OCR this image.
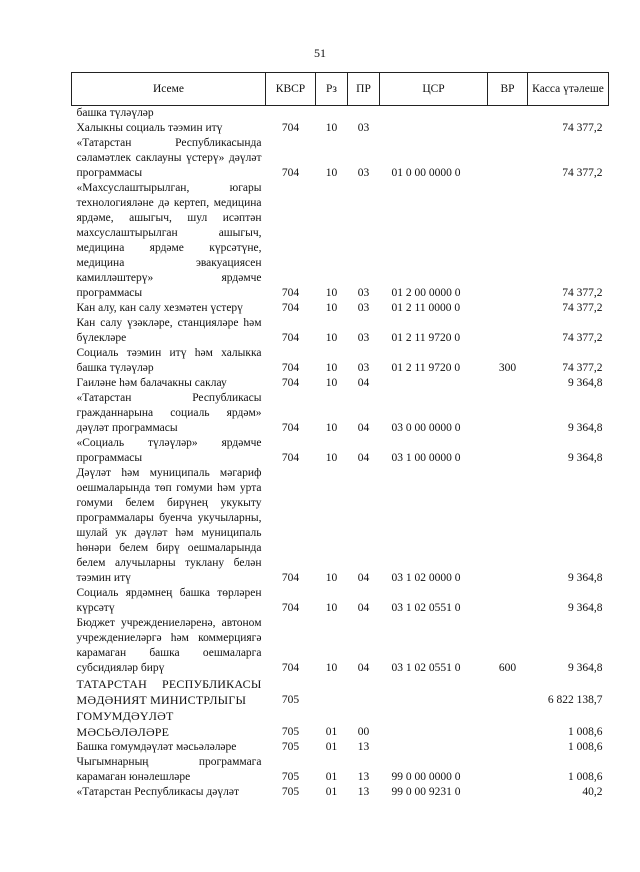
51
Исеме	КВСР	Рз	ПР	ЦСР	ВР	Касса үтәлеше
башка түләүләр						
Халыкны социаль тәэмин итү	704	10	03			74 377,2
«Татарстан Республикасында сәламәтлек саклауны үстерү» дәүләт программасы	704	10	03	01 0 00 0000 0		74 377,2
«Махсуслаштырылган, югары технологияләне дә кертеп, медицина ярдәме, ашыгыч, шул исәптән махсуслаштырылган ашыгыч, медицина ярдәме күрсәтүне, медицина эвакуациясен камилләштерү» ярдәмче программасы	704	10	03	01 2 00 0000 0		74 377,2
Кан алу, кан салу хезмәтен үстерү	704	10	03	01 2 11 0000 0		74 377,2
Кан салу үзәкләре, станцияләре һәм бүлекләре	704	10	03	01 2 11 9720 0		74 377,2
Социаль тәэмин итү һәм халыкка башка түләүләр	704	10	03	01 2 11 9720 0	300	74 377,2
Гаиләне һәм балачакны саклау	704	10	04			9 364,8
«Татарстан Республикасы гражданнарына социаль ярдәм» дәүләт программасы	704	10	04	03 0 00 0000 0		9 364,8
«Социаль түләүләр» ярдәмче программасы	704	10	04	03 1 00 0000 0		9 364,8
Дәүләт һәм муниципаль мәгариф оешмаларында төп гомуми һәм урта гомуми белем бирүнең укукыту программалары буенча укучыларны, шулай ук дәүләт һәм муниципаль һөнәри белем бирү оешмаларында белем алучыларны туклану белән тәэмин итү	704	10	04	03 1 02 0000 0		9 364,8
Социаль ярдәмнең башка төрләрен күрсәтү	704	10	04	03 1 02 0551 0		9 364,8
Бюджет учреждениеләренә, автоном учреждениеләргә һәм коммерциягә карамаган башка оешмаларга субсидияләр бирү	704	10	04	03 1 02 0551 0	600	9 364,8
ТАТАРСТАН РЕСПУБЛИКАСЫ МӘДӘНИЯТ МИНИСТРЛЫГЫ	705					6 822 138,7
ГОМУМДӘҮЛӘТ МӘСЬӘЛӘЛӘРЕ	705	01	00			1 008,6
Башка гомумдәүләт мәсьәләләре	705	01	13			1 008,6
Чыгымнарның программага карамаган юнәлешләре	705	01	13	99 0 00 0000 0		1 008,6
«Татарстан Республикасы дәүләт	705	01	13	99 0 00 9231 0		40,2
